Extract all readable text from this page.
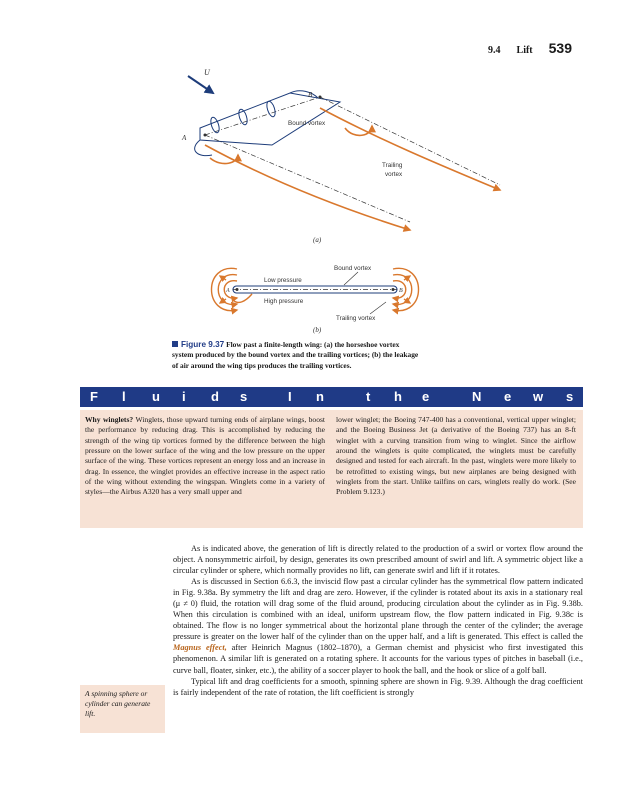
9.4 Lift 539
U
A
B
Bound vortex
Trailing
vortex
(a)
A	B
Bound vortex
Low pressure
High pressure
Trailing vortex
(b)
Figure 9.37 Flow past a finite-length wing: (a) the horseshoe vortex system produced by the bound vortex and the trailing vortices; (b) the leakage of air around the wing tips produces the trailing vortices.
F l u i d s	I n	t h e	N e w s
Why winglets? Winglets, those upward turning ends of airplane wings, boost the performance by reducing drag. This is accomplished by reducing the strength of the wing tip vortices formed by the difference between the high pressure on the lower surface of the wing and the low pressure on the upper surface of the wing. These vortices represent an energy loss and an increase in drag. In essence, the winglet provides an effective increase in the aspect ratio of the wing without extending the wingspan. Winglets come in a variety of styles—the Airbus A320 has a very small upper and
lower winglet; the Boeing 747-400 has a conventional, vertical upper winglet; and the Boeing Business Jet (a derivative of the Boeing 737) has an 8-ft winglet with a curving transition from wing to winglet. Since the airflow around the winglets is quite complicated, the winglets must be carefully designed and tested for each aircraft. In the past, winglets were more likely to be retrofitted to existing wings, but new airplanes are being designed with winglets from the start. Unlike tailfins on cars, winglets really do work. (See Problem 9.123.)
A spinning sphere or cylinder can generate lift.

As is indicated above, the generation of lift is directly related to the production of a swirl or vortex flow around the object. A nonsymmetric airfoil, by design, generates its own prescribed amount of swirl and lift. A symmetric object like a circular cylinder or sphere, which normally provides no lift, can generate swirl and lift if it rotates.

As is discussed in Section 6.6.3, the inviscid flow past a circular cylinder has the symmetrical flow pattern indicated in Fig. 9.38a. By symmetry the lift and drag are zero. However, if the cylinder is rotated about its axis in a stationary real (μ ≠ 0) fluid, the rotation will drag some of the fluid around, producing circulation about the cylinder as in Fig. 9.38b. When this circulation is combined with an ideal, uniform upstream flow, the flow pattern indicated in Fig. 9.38c is obtained. The flow is no longer symmetrical about the horizontal plane through the center of the cylinder; the average pressure is greater on the lower half of the cylinder than on the upper half, and a lift is generated. This effect is called the Magnus effect, after Heinrich Magnus (1802–1870), a German chemist and physicist who first investigated this phenomenon. A similar lift is generated on a rotating sphere. It accounts for the various types of pitches in baseball (i.e., curve ball, floater, sinker, etc.), the ability of a soccer player to hook the ball, and the hook or slice of a golf ball.

Typical lift and drag coefficients for a smooth, spinning sphere are shown in Fig. 9.39. Although the drag coefficient is fairly independent of the rate of rotation, the lift coefficient is strongly
